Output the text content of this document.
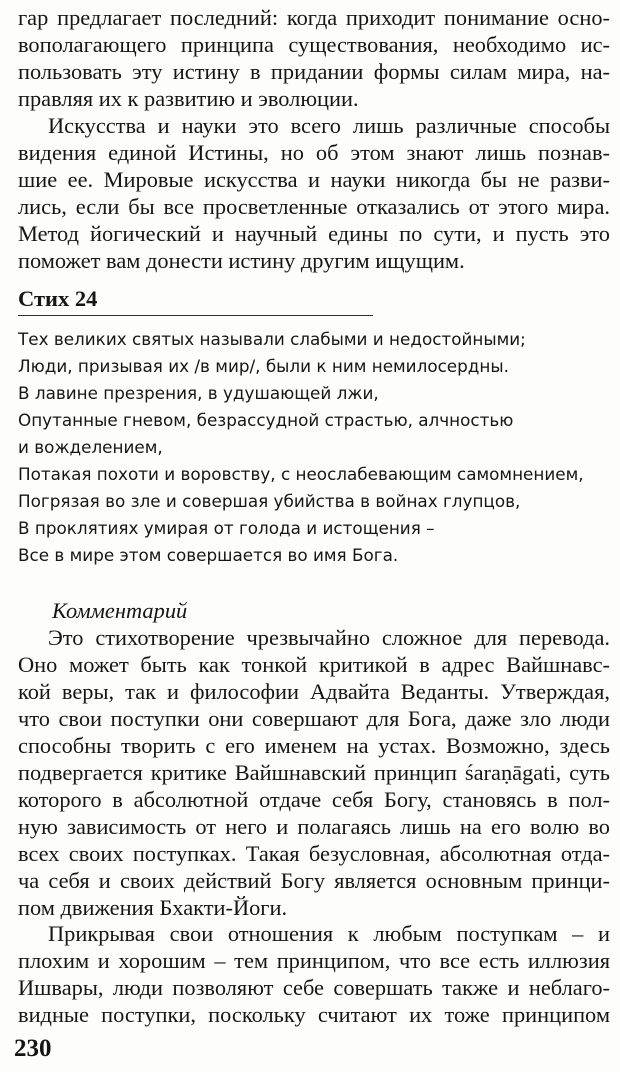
гар предлагает последний: когда приходит понимание осно-
вополагающего принципа существования, необходимо ис-
пользовать эту истину в придании формы силам мира, на-
правляя их к развитию и эволюции.
Искусства и науки это всего лишь различные способы
видения единой Истины, но об этом знают лишь познав-
шие ее. Мировые искусства и науки никогда бы не разви-
лись, если бы все просветленные отказались от этого мира.
Метод йогический и научный едины по сути, и пусть это
поможет вам донести истину другим ищущим.
Стих 24
Тех великих святых называли слабыми и недостойными;
Люди, призывая их /в мир/, были к ним немилосердны.
В лавине презрения, в удушающей лжи,
Опутанные гневом, безрассудной страстью, алчностью
и вожделением,
Потакая похоти и воровству, с неослабевающим самомнением,
Погрязая во зле и совершая убийства в войнах глупцов,
В проклятиях умирая от голода и истощения –
Все в мире этом совершается во имя Бога.

Комментарий

Это стихотворение чрезвычайно сложное для перевода.
Оно может быть как тонкой критикой в адрес Вайшнавс-
кой веры, так и философии Адвайта Веданты. Утверждая,
что свои поступки они совершают для Бога, даже зло люди
способны творить с его именем на устах. Возможно, здесь
подвергается критике Вайшнавский принцип śaraṇāgati, суть
которого в абсолютной отдаче себя Богу, становясь в пол-
ную зависимость от него и полагаясь лишь на его волю во
всех своих поступках. Такая безусловная, абсолютная отда-
ча себя и своих действий Богу является основным принци-
пом движения Бхакти-Йоги.
Прикрывая свои отношения к любым поступкам – и
плохим и хорошим – тем принципом, что все есть иллюзия
Ишвары, люди позволяют себе совершать также и неблаго-
видные поступки, поскольку считают их тоже принципом

230
